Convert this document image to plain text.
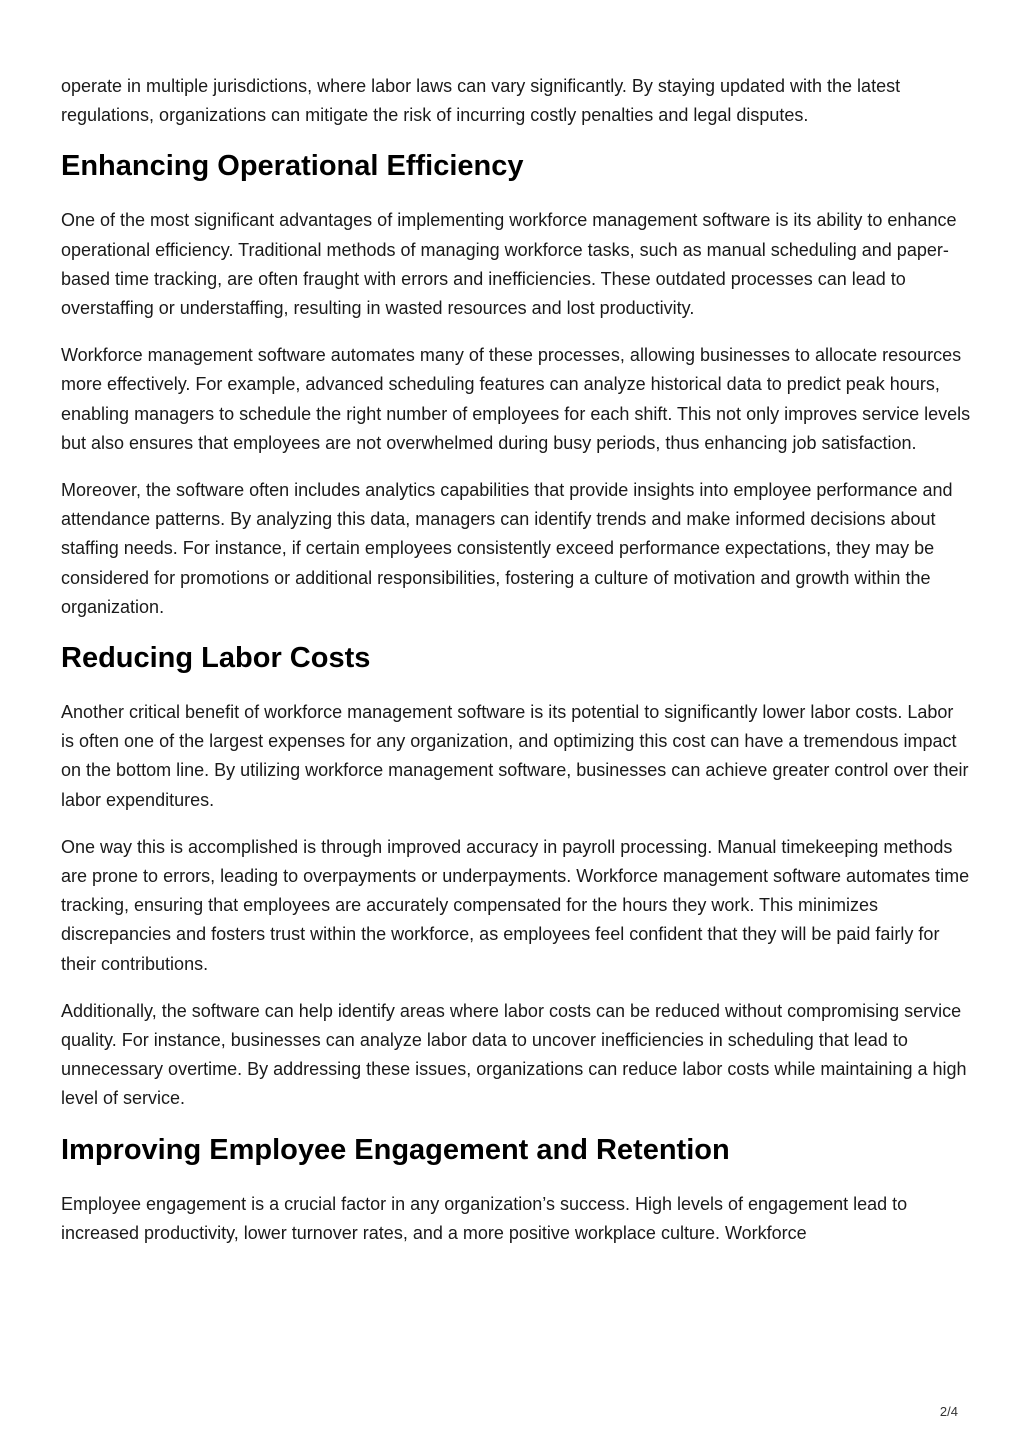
operate in multiple jurisdictions, where labor laws can vary significantly. By staying updated with the latest regulations, organizations can mitigate the risk of incurring costly penalties and legal disputes.

Enhancing Operational Efficiency

One of the most significant advantages of implementing workforce management software is its ability to enhance operational efficiency. Traditional methods of managing workforce tasks, such as manual scheduling and paper-based time tracking, are often fraught with errors and inefficiencies. These outdated processes can lead to overstaffing or understaffing, resulting in wasted resources and lost productivity.

Workforce management software automates many of these processes, allowing businesses to allocate resources more effectively. For example, advanced scheduling features can analyze historical data to predict peak hours, enabling managers to schedule the right number of employees for each shift. This not only improves service levels but also ensures that employees are not overwhelmed during busy periods, thus enhancing job satisfaction.

Moreover, the software often includes analytics capabilities that provide insights into employee performance and attendance patterns. By analyzing this data, managers can identify trends and make informed decisions about staffing needs. For instance, if certain employees consistently exceed performance expectations, they may be considered for promotions or additional responsibilities, fostering a culture of motivation and growth within the organization.

Reducing Labor Costs

Another critical benefit of workforce management software is its potential to significantly lower labor costs. Labor is often one of the largest expenses for any organization, and optimizing this cost can have a tremendous impact on the bottom line. By utilizing workforce management software, businesses can achieve greater control over their labor expenditures.

One way this is accomplished is through improved accuracy in payroll processing. Manual timekeeping methods are prone to errors, leading to overpayments or underpayments. Workforce management software automates time tracking, ensuring that employees are accurately compensated for the hours they work. This minimizes discrepancies and fosters trust within the workforce, as employees feel confident that they will be paid fairly for their contributions.

Additionally, the software can help identify areas where labor costs can be reduced without compromising service quality. For instance, businesses can analyze labor data to uncover inefficiencies in scheduling that lead to unnecessary overtime. By addressing these issues, organizations can reduce labor costs while maintaining a high level of service.

Improving Employee Engagement and Retention

Employee engagement is a crucial factor in any organization’s success. High levels of engagement lead to increased productivity, lower turnover rates, and a more positive workplace culture. Workforce

2/4
